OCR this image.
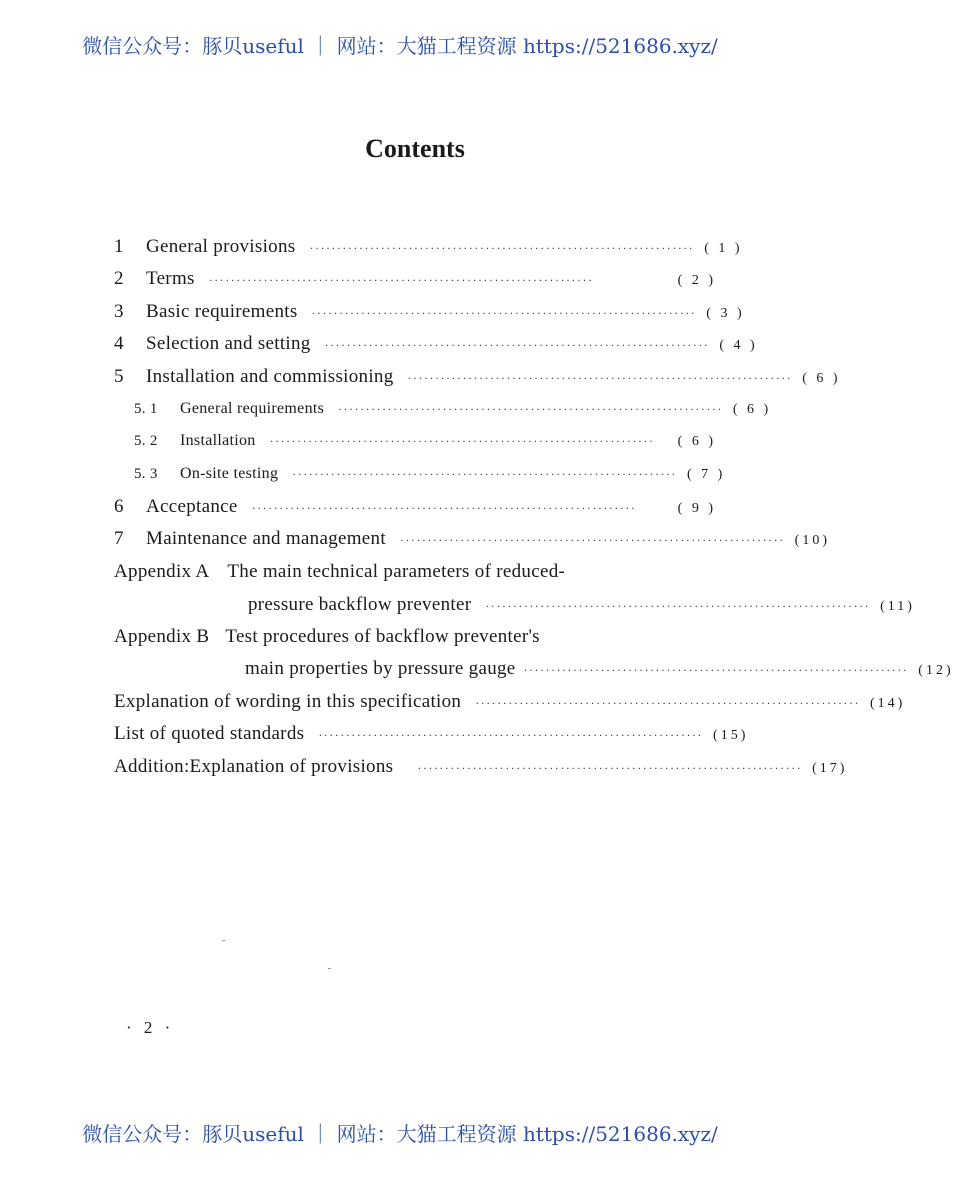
微信公众号：豚贝useful ｜ 网站：大猫工程资源 https://521686.xyz/
Contents
1	General provisions ······································································ ( 1 )
2	Terms ······································································	( 2 )
3	Basic requirements ······································································ ( 3 )
4	Selection and setting ······································································ ( 4 )
5	Installation and commissioning ······································································ ( 6 )
5. 1	General requirements ······································································ ( 6 )
5. 2	Installation ······································································	( 6 )
5. 3	On-site testing ······································································ ( 7 )
6	Acceptance ······································································	( 9 )
7	Maintenance and management ······································································ (10)
Appendix A The main technical parameters of reduced-
pressure backflow preventer ······································································ (11)
Appendix B Test procedures of backflow preventer's
main properties by pressure gauge ······································································ (12)
Explanation of wording in this specification ······································································ (14)
List of quoted standards ······································································ (15)
Addition:Explanation of provisions ······································································ (17)
· 2 ·
微信公众号：豚贝useful ｜ 网站：大猫工程资源 https://521686.xyz/
